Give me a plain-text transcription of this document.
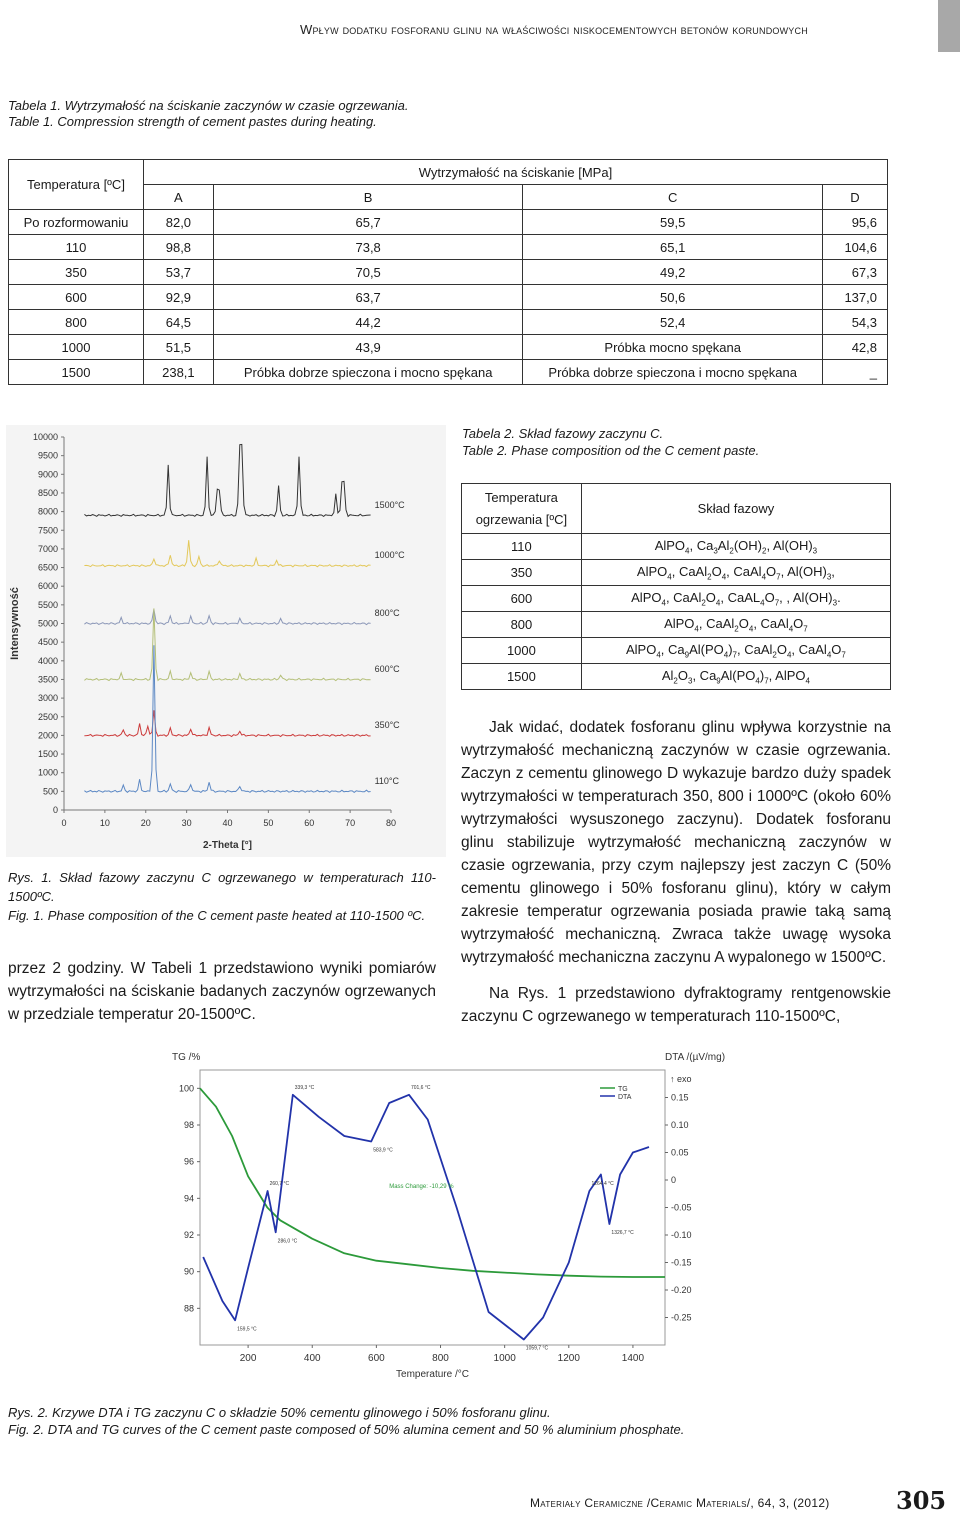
Wpływ dodatku fosforanu glinu na właściwości niskocementowych betonów korundowych
Tabela 1. Wytrzymałość na ściskanie zaczynów w czasie ogrzewania.
Table 1. Compression strength of cement pastes during heating.
Temperatura [ºC]	Wytrzymałość na ściskanie [MPa]			
	A	B	C	D
Po rozformowaniu	82,0	65,7	59,5	95,6
110	98,8	73,8	65,1	104,6
350	53,7	70,5	49,2	67,3
600	92,9	63,7	50,6	137,0
800	64,5	44,2	52,4	54,3
1000	51,5	43,9	Próbka mocno spękana	42,8
1500	238,1	Próbka dobrze spieczona i mocno spękana	Próbka dobrze spieczona i mocno spękana	_
0
500
1000
1500
2000
2500
3000
3500
4000
4500
5000
5500
6000
6500
7000
7500
8000
8500
9000
9500
10000
0	10	20	30	40	50	60	70	80
2-Theta [°]
Intensywność
1500°C
1000°C
800°C
600°C
350°C
110°C
Rys. 1. Skład fazowy zaczynu C ogrzewanego w temperaturach 110-1500ºC.
Fig. 1. Phase composition of the C cement paste heated at 110-1500 ºC.
przez 2 godziny. W Tabeli 1 przedstawiono wyniki pomiarów wytrzymałości na ściskanie badanych zaczynów ogrzewanych w przedziale temperatur 20-1500ºC.
Tabela 2. Skład fazowy zaczynu C.
Table 2. Phase composition od the C cement paste.
Temperatura
ogrzewania [ºC]	Skład fazowy
110	AlPO$_4$, $Ca_3Al_2(OH)_2$, $Al(OH)_3$
350	AlPO$_4$, $CaAl_2O_4$, $CaAl_4O_7$, $Al(OH)_3$,
600	AlPO$_4$, $CaAl_2O_4$, $CaAL_4O_7$, , $Al(OH)_3$.
800	AlPO$_4$, $CaAl_2O_4$, $CaAl_4O_7$
1000	AlPO$_4$, $Ca_9Al(PO_4)_7$, $CaAl_2O_4$, $CaAl_4O_7$
1500	$Al_2O_3$, $Ca_9Al(PO_4)_7$, AlPO$_4$
Jak widać, dodatek fosforanu glinu wpływa korzystnie na wytrzymałość mechaniczną zaczynów w czasie ogrzewania. Zaczyn z cementu glinowego D wykazuje bardzo duży spadek wytrzymałości w temperaturach 350, 800 i 1000ºC (około 60% wytrzymałości wysuszonego zaczynu). Dodatek fosforanu glinu stabilizuje wytrzymałość mechaniczną zaczynów w czasie ogrzewania, przy czym najlepszy jest zaczyn C (50% cementu glinowego i 50% fosforanu glinu), który w całym zakresie temperatur ogrzewania posiada prawie taką samą wytrzymałość mechaniczną. Zwraca także uwagę wysoka wytrzymałość mechaniczna zaczynu A wypalonego w 1500ºC.
Na Rys. 1 przedstawiono dyfraktogramy rentgenowskie zaczynu C ogrzewanego w temperaturach 110-1500ºC,
100
98
96
94
92
90
88
0.15
0.10
0.05
0
-0.05
-0.10
-0.15
-0.20
-0.25
200	400	600	800	1000	1200	1400
Temperature /°C
TG /%	DTA /(µV/mg)
↑ exo
TG
DTA
Mass Change: -10,29 %
159,5 °C
260,7 °C
286,0 °C
339,3 °C
583,9 °C
701,6 °C
1059,7 °C
1264,4 °C
1326,7 °C
Rys. 2. Krzywe DTA i TG zaczynu C o składzie 50% cementu glinowego i 50% fosforanu glinu.
Fig. 2. DTA and TG curves of the C cement paste composed of 50% alumina cement and 50 % aluminium phosphate.
Materiały Ceramiczne /Ceramic Materials/, 64, 3, (2012)	305
